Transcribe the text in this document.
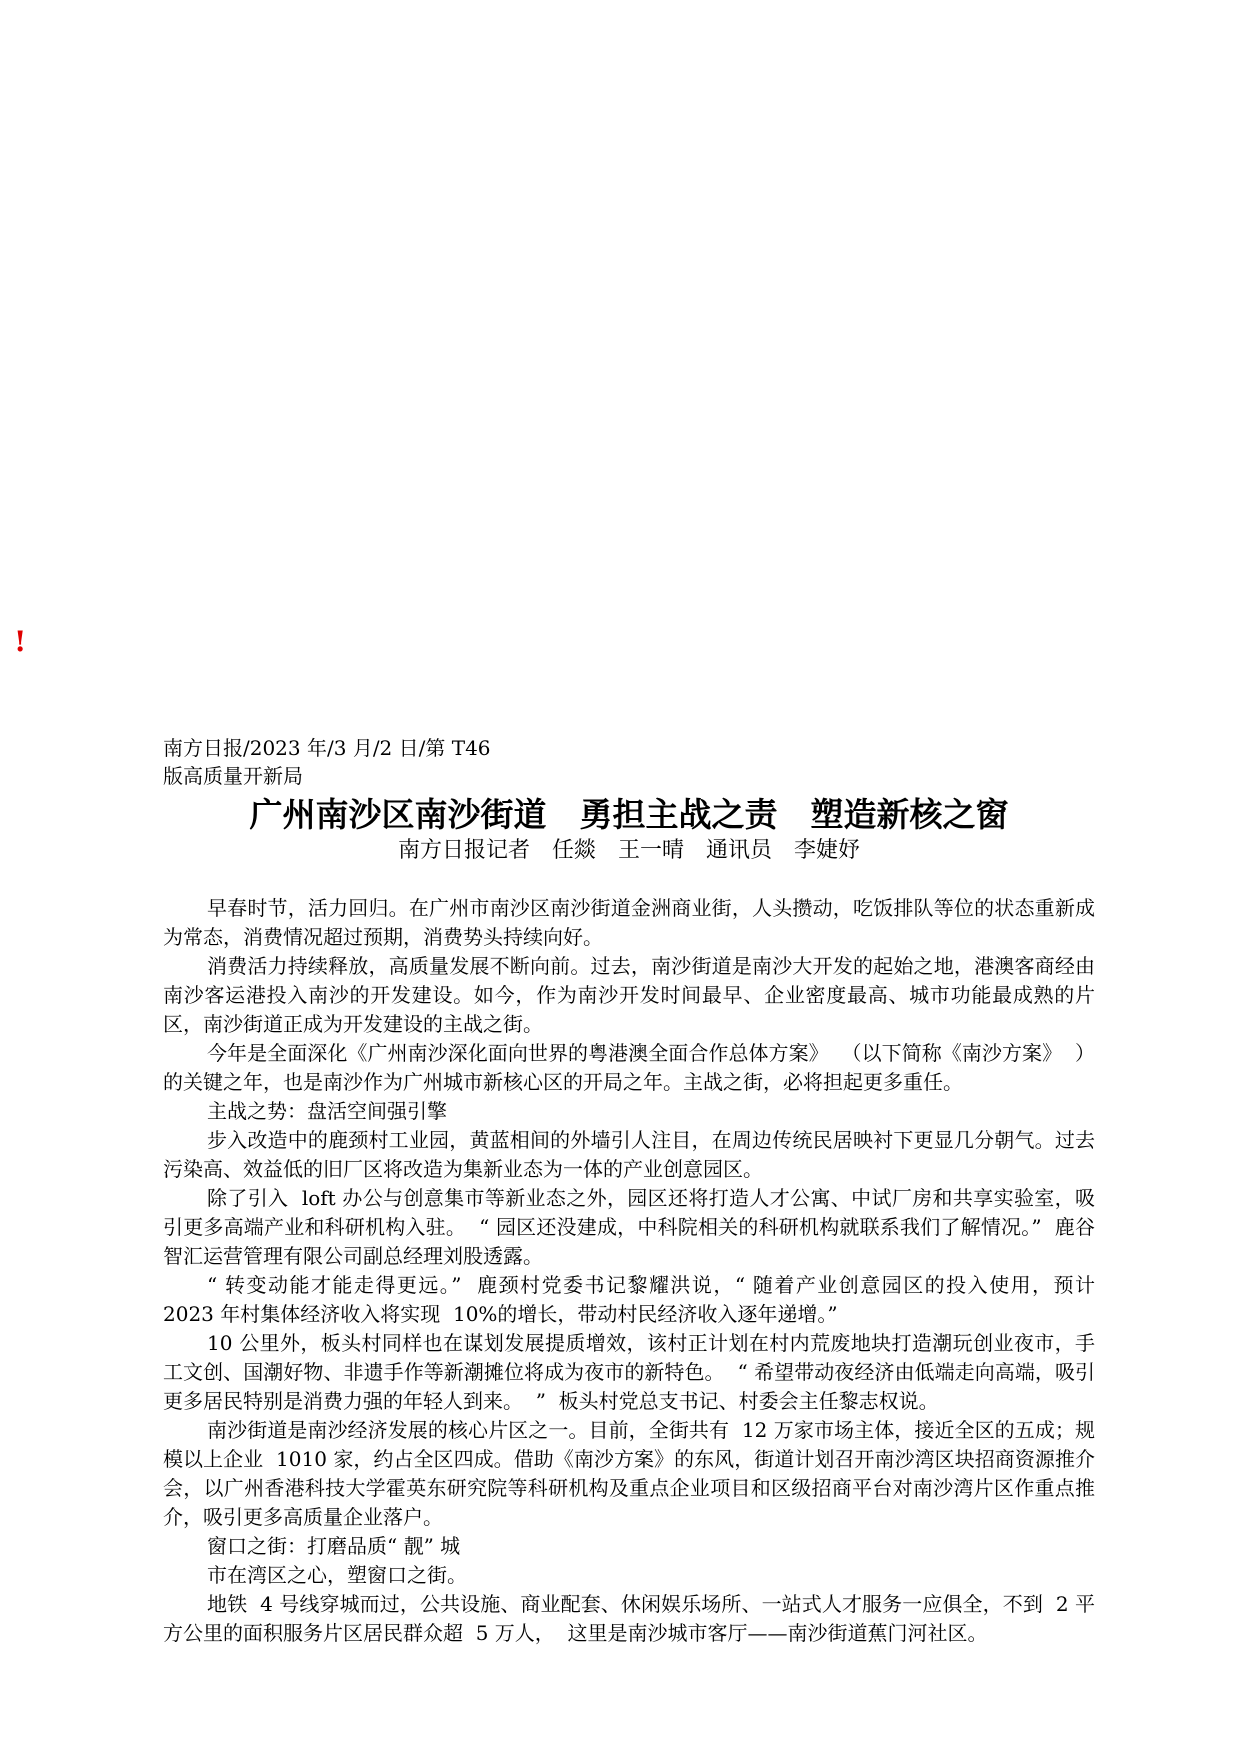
!

南方日报/2023 年/3 月/2 日/第 T46 版高质量开新局

广州南沙区南沙街道　勇担主战之责　塑造新核之窗
南方日报记者　任燚　王一晴　通讯员　李婕妤

早春时节，活力回归。在广州市南沙区南沙街道金洲商业街，人头攒动，吃饭排队等位的状态重新成为常态，消费情况超过预期，消费势头持续向好。

消费活力持续释放，高质量发展不断向前。过去，南沙街道是南沙大开发的起始之地，港澳客商经由南沙客运港投入南沙的开发建设。如今，作为南沙开发时间最早、企业密度最高、城市功能最成熟的片区，南沙街道正成为开发建设的主战之街。

今年是全面深化《广州南沙深化面向世界的粤港澳全面合作总体方案》  （以下简称《南沙方案》  ）的关键之年，也是南沙作为广州城市新核心区的开局之年。主战之街，必将担起更多重任。

主战之势：盘活空间强引擎

步入改造中的鹿颈村工业园，黄蓝相间的外墙引人注目，在周边传统民居映衬下更显几分朝气。过去污染高、效益低的旧厂区将改造为集新业态为一体的产业创意园区。

除了引入  loft 办公与创意集市等新业态之外，园区还将打造人才公寓、中试厂房和共享实验室，吸引更多高端产业和科研机构入驻。  “ 园区还没建成，中科院相关的科研机构就联系我们了解情况。”  鹿谷智汇运营管理有限公司副总经理刘股透露。

“ 转变动能才能走得更远。”  鹿颈村党委书记黎耀洪说，“ 随着产业创意园区的投入使用，预计  2023 年村集体经济收入将实现  10%的增长，带动村民经济收入逐年递增。”

10 公里外，板头村同样也在谋划发展提质增效，该村正计划在村内荒废地块打造潮玩创业夜市，手工文创、国潮好物、非遗手作等新潮摊位将成为夜市的新特色。  “ 希望带动夜经济由低端走向高端，吸引更多居民特别是消费力强的年轻人到来。  ”  板头村党总支书记、村委会主任黎志权说。

南沙街道是南沙经济发展的核心片区之一。目前，全街共有  12 万家市场主体，接近全区的五成；规模以上企业  1010 家，约占全区四成。借助《南沙方案》的东风，街道计划召开南沙湾区块招商资源推介会，以广州香港科技大学霍英东研究院等科研机构及重点企业项目和区级招商平台对南沙湾片区作重点推介，吸引更多高质量企业落户。

窗口之街：打磨品质“ 靓” 城

市在湾区之心，塑窗口之街。

地铁  4 号线穿城而过，公共设施、商业配套、休闲娱乐场所、一站式人才服务一应俱全，不到  2 平方公里的面积服务片区居民群众超  5 万人，  这里是南沙城市客厅——南沙街道蕉门河社区。
